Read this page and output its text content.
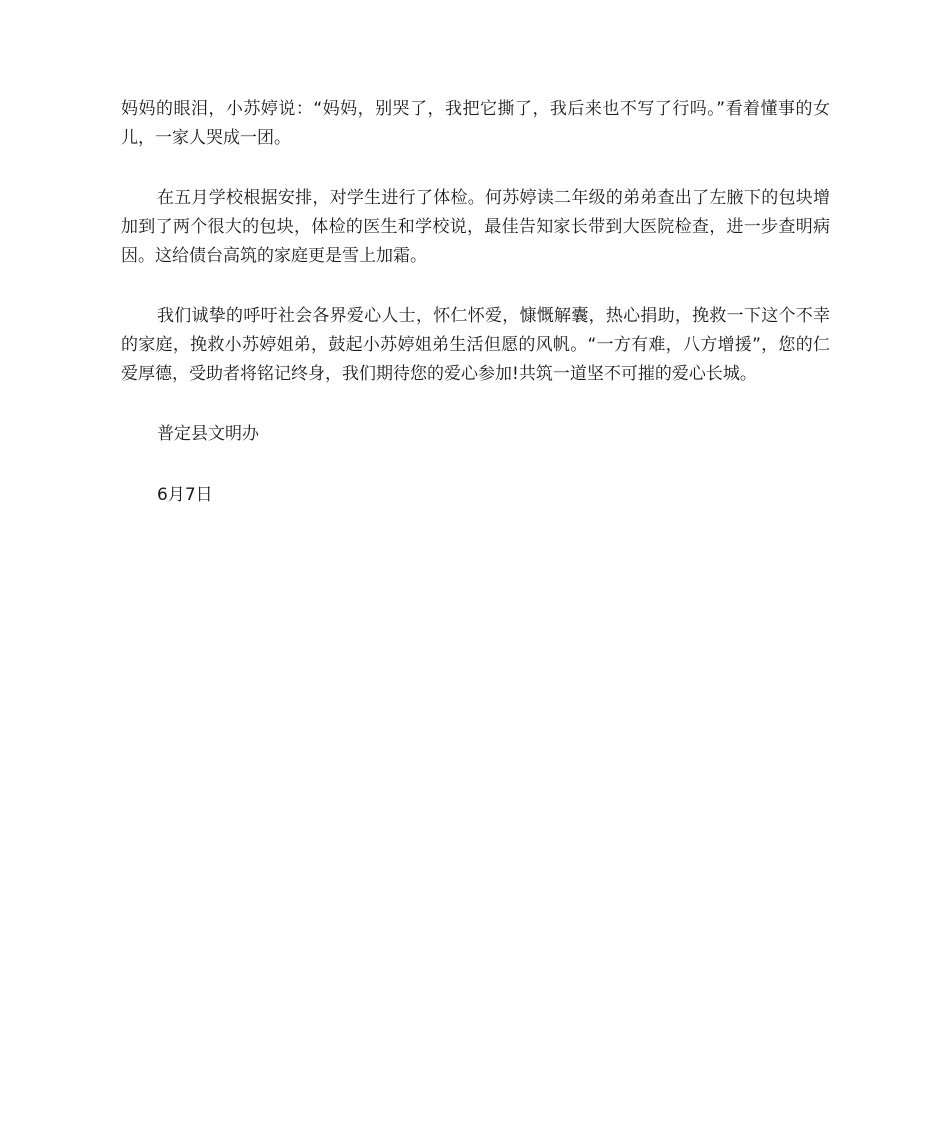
妈妈的眼泪，小苏婷说：“妈妈，别哭了，我把它撕了，我后来也不写了行吗。”看着懂事的女儿，一家人哭成一团。

在五月学校根据安排，对学生进行了体检。何苏婷读二年级的弟弟查出了左腋下的包块增加到了两个很大的包块，体检的医生和学校说，最佳告知家长带到大医院检查，进一步查明病因。这给债台高筑的家庭更是雪上加霜。

我们诚挚的呼吁社会各界爱心人士，怀仁怀爱，慷慨解囊，热心捐助，挽救一下这个不幸的家庭，挽救小苏婷姐弟，鼓起小苏婷姐弟生活但愿的风帆。“一方有难，八方增援”，您的仁爱厚德，受助者将铭记终身，我们期待您的爱心参加!共筑一道坚不可摧的爱心长城。

普定县文明办

6月7日
